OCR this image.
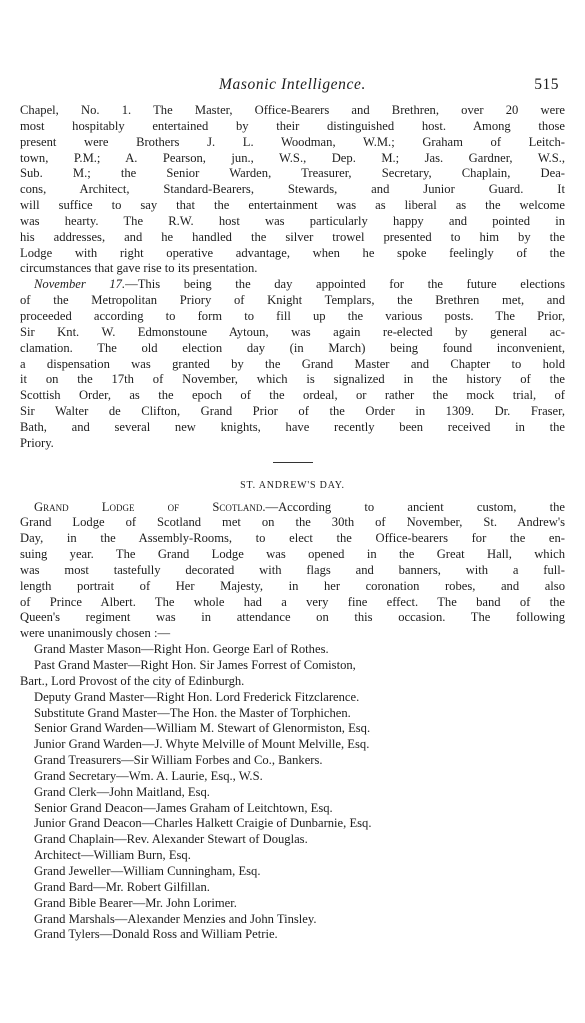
Masonic Intelligence.	515
Chapel, No. 1. The Master, Office-Bearers and Brethren, over 20 were
most hospitably entertained by their distinguished host. Among those
present were Brothers J. L. Woodman, W.M.; Graham of Leitch-
town, P.M.; A. Pearson, jun., W.S., Dep. M.; Jas. Gardner, W.S.,
Sub. M.; the Senior Warden, Treasurer, Secretary, Chaplain, Dea-
cons, Architect, Standard-Bearers, Stewards, and Junior Guard. It
will suffice to say that the entertainment was as liberal as the welcome
was hearty. The R.W. host was particularly happy and pointed in
his addresses, and he handled the silver trowel presented to him by the
Lodge with right operative advantage, when he spoke feelingly of the
circumstances that gave rise to its presentation.
November 17.—This being the day appointed for the future elections
of the Metropolitan Priory of Knight Templars, the Brethren met, and
proceeded according to form to fill up the various posts. The Prior,
Sir Knt. W. Edmonstoune Aytoun, was again re-elected by general ac-
clamation. The old election day (in March) being found inconvenient,
a dispensation was granted by the Grand Master and Chapter to hold
it on the 17th of November, which is signalized in the history of the
Scottish Order, as the epoch of the ordeal, or rather the mock trial, of
Sir Walter de Clifton, Grand Prior of the Order in 1309. Dr. Fraser,
Bath, and several new knights, have recently been received in the
Priory.
ST. ANDREW'S DAY.
Grand Lodge of Scotland.—According to ancient custom, the
Grand Lodge of Scotland met on the 30th of November, St. Andrew's
Day, in the Assembly-Rooms, to elect the Office-bearers for the en-
suing year. The Grand Lodge was opened in the Great Hall, which
was most tastefully decorated with flags and banners, with a full-
length portrait of Her Majesty, in her coronation robes, and also
of Prince Albert. The whole had a very fine effect. The band of the
Queen's regiment was in attendance on this occasion. The following
were unanimously chosen :—
Grand Master Mason—Right Hon. George Earl of Rothes.
Past Grand Master—Right Hon. Sir James Forrest of Comiston,
Bart., Lord Provost of the city of Edinburgh.
Deputy Grand Master—Right Hon. Lord Frederick Fitzclarence.
Substitute Grand Master—The Hon. the Master of Torphichen.
Senior Grand Warden—William M. Stewart of Glenormiston, Esq.
Junior Grand Warden—J. Whyte Melville of Mount Melville, Esq.
Grand Treasurers—Sir William Forbes and Co., Bankers.
Grand Secretary—Wm. A. Laurie, Esq., W.S.
Grand Clerk—John Maitland, Esq.
Senior Grand Deacon—James Graham of Leitchtown, Esq.
Junior Grand Deacon—Charles Halkett Craigie of Dunbarnie, Esq.
Grand Chaplain—Rev. Alexander Stewart of Douglas.
Architect—William Burn, Esq.
Grand Jeweller—William Cunningham, Esq.
Grand Bard—Mr. Robert Gilfillan.
Grand Bible Bearer—Mr. John Lorimer.
Grand Marshals—Alexander Menzies and John Tinsley.
Grand Tylers—Donald Ross and William Petrie.
